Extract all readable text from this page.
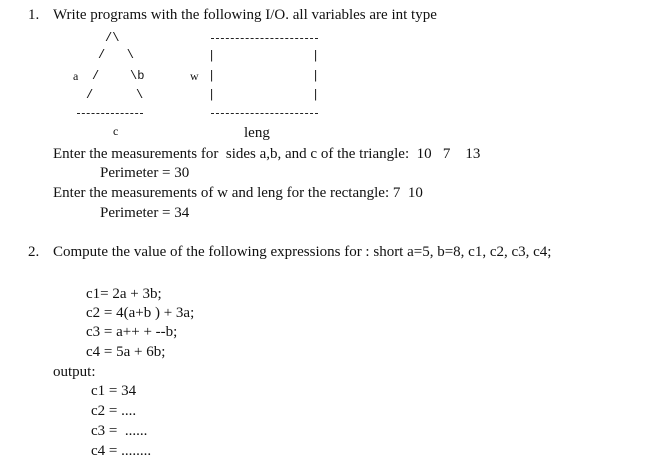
1. Write programs with the following I/O. all variables are int type
/\
/   \
a /	\b
/	\
c
|	|
w |	|
|	|
leng
Enter the measurements for  sides a,b, and c of the triangle:  10   7    13
Perimeter = 30
Enter the measurements of w and leng for the rectangle: 7  10
Perimeter = 34
2. Compute the value of the following expressions for : short a=5, b=8, c1, c2, c3, c4;
c1= 2a + 3b;
c2 = 4(a+b ) + 3a;
c3 = a++ + --b;
c4 = 5a + 6b;
output:
c1 = 34
c2 = ....
c3 =  ......
c4 = ........
